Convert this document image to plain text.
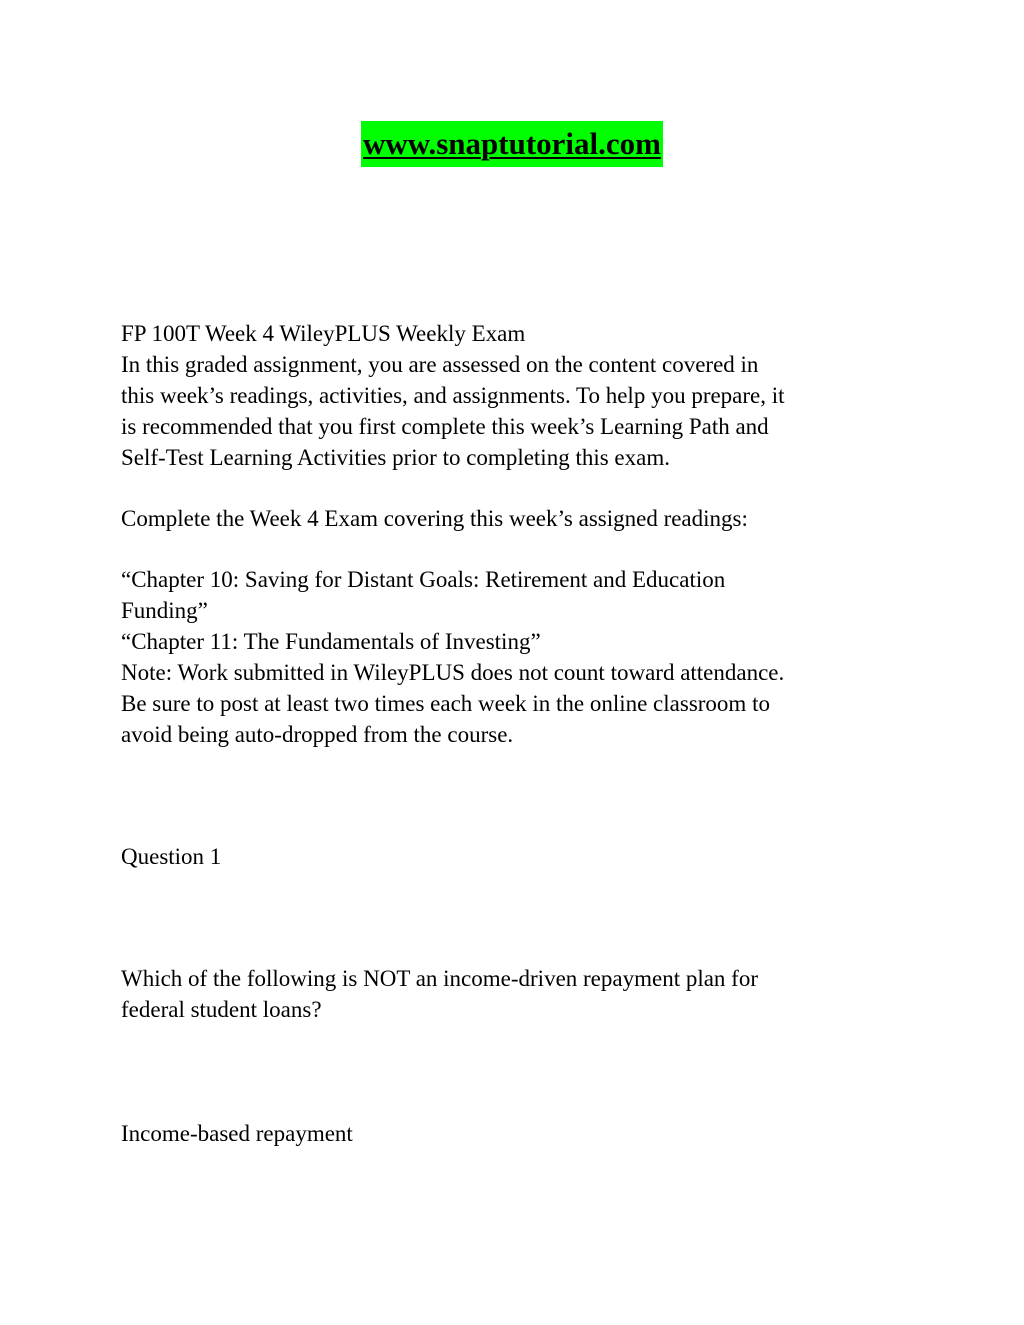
www.snaptutorial.com

FP 100T Week 4 WileyPLUS Weekly Exam
In this graded assignment, you are assessed on the content covered in
this week’s readings, activities, and assignments. To help you prepare, it
is recommended that you first complete this week’s Learning Path and
Self-Test Learning Activities prior to completing this exam.

Complete the Week 4 Exam covering this week’s assigned readings:

“Chapter 10: Saving for Distant Goals: Retirement and Education
Funding”
“Chapter 11: The Fundamentals of Investing”
Note: Work submitted in WileyPLUS does not count toward attendance.
Be sure to post at least two times each week in the online classroom to
avoid being auto-dropped from the course.

Question 1

Which of the following is NOT an income-driven repayment plan for
federal student loans?

Income-based repayment
